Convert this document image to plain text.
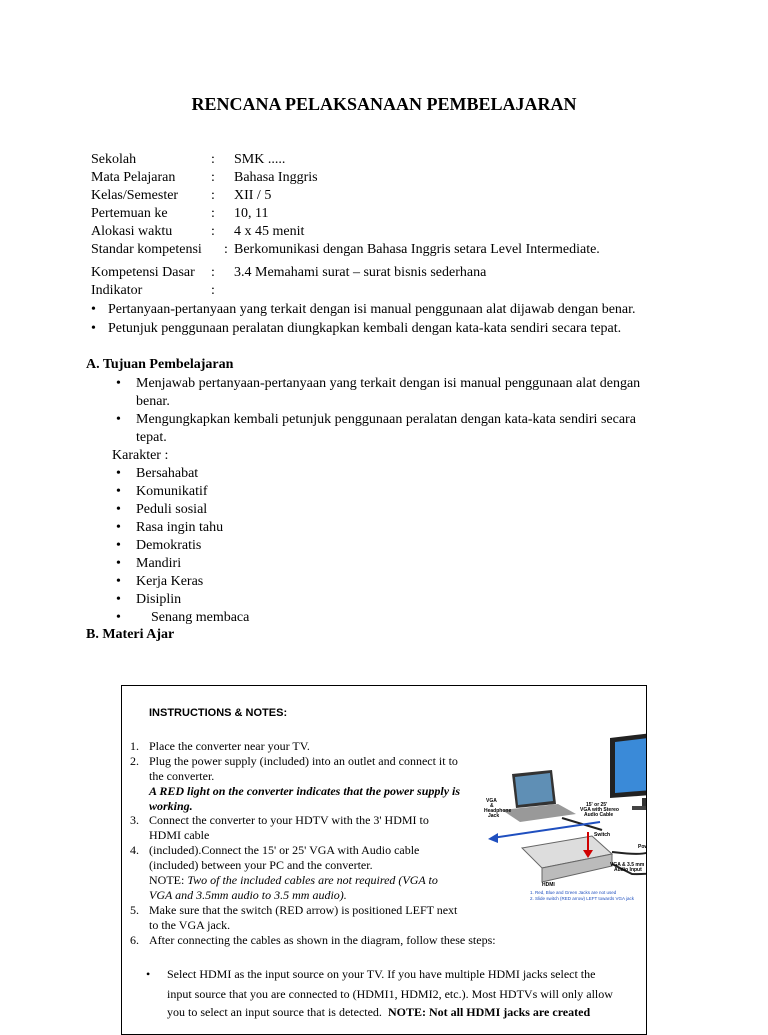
RENCANA PELAKSANAAN PEMBELAJARAN
Sekolah	: SMK .....
Mata Pelajaran	: Bahasa Inggris
Kelas/Semester : XII / 5
Pertemuan ke	: 10, 11
Alokasi waktu	: 4 x 45 menit
Standar kompetensi : Berkomunikasi dengan Bahasa Inggris setara Level Intermediate.
Kompetensi Dasar : 3.4 Memahami surat – surat bisnis sederhana
Indikator	:
• Pertanyaan-pertanyaan yang terkait dengan isi manual penggunaan alat dijawab dengan benar.
• Petunjuk penggunaan peralatan diungkapkan kembali dengan kata-kata sendiri secara tepat.
A. Tujuan Pembelajaran
• Menjawab pertanyaan-pertanyaan yang terkait dengan isi manual penggunaan alat dengan
benar.
• Mengungkapkan kembali petunjuk penggunaan peralatan dengan kata-kata sendiri secara
tepat.
Karakter :
• Bersahabat
• Komunikatif
• Peduli sosial
• Rasa ingin tahu
• Demokratis
• Mandiri
• Kerja Keras
• Disiplin
• Senang membaca
B. Materi Ajar
INSTRUCTIONS & NOTES:
1. Place the converter near your TV.
2. Plug the power supply (included) into an outlet and connect it to
the converter.
A RED light on the converter indicates that the power supply is
working.
3. Connect the converter to your HDTV with the 3' HDMI to
HDMI cable
4. (included).Connect the 15' or 25' VGA with Audio cable
(included) between your PC and the converter.
NOTE: Two of the included cables are not required (VGA to
VGA and 3.5mm audio to 3.5 mm audio).
5. Make sure that the switch (RED arrow) is positioned LEFT next
to the VGA jack.
6. After connecting the cables as shown in the diagram, follow these steps:
• Select HDMI as the input source on your TV. If you have multiple HDMI jacks select the
input source that you are connected to (HDMI1, HDMI2, etc.). Most HDTVs will only allow
you to select an input source that is detected. NOTE: Not all HDMI jacks are created
VGA
&
Headphone
Jack
15' or 25'
VGA with Stereo
Audio Cable
HDMI
Switch
Power
VGA & 3.5 mm
Audio Input
HDMI
1. Red, Blue and Green Jacks are not used
2. Slide switch (RED arrow) LEFT towards VGA jack
